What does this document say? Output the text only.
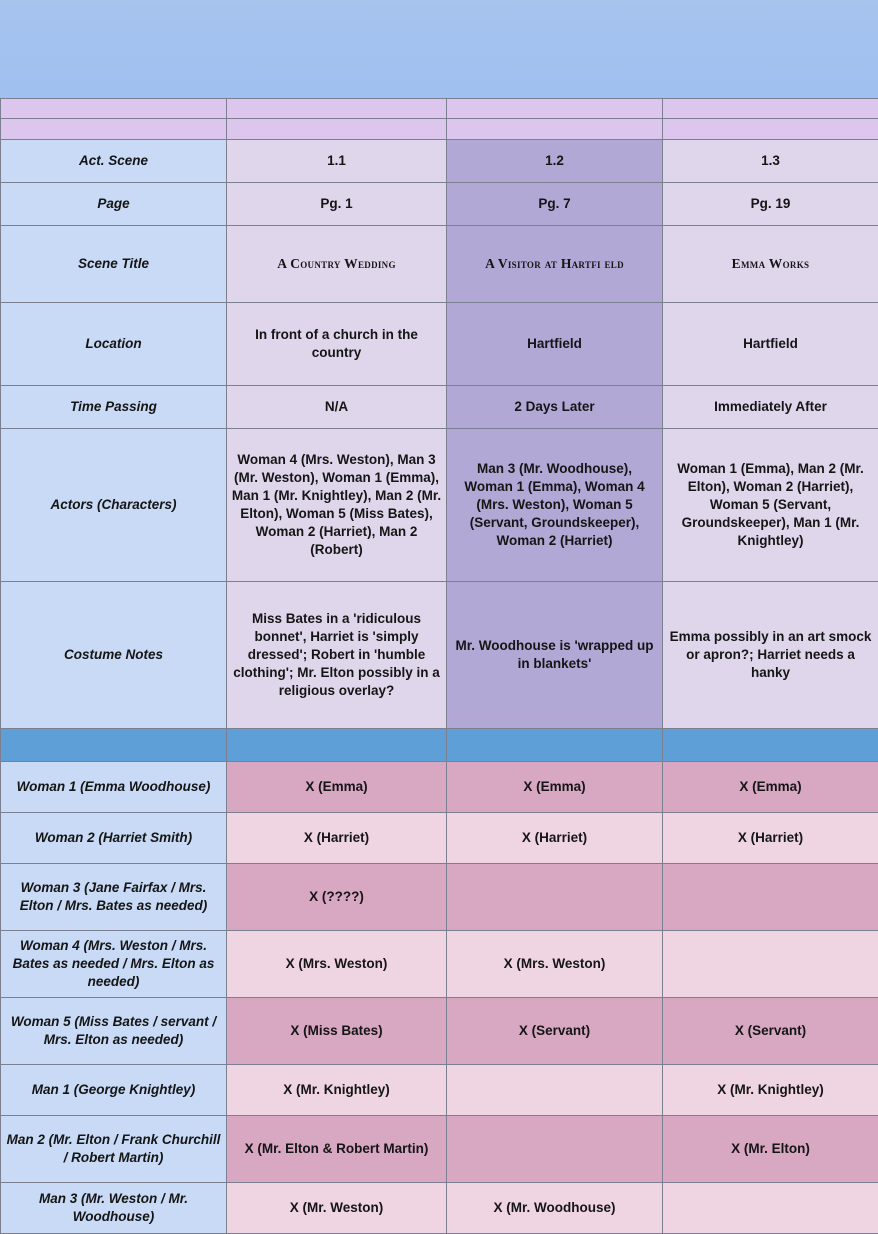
Act. Scene	1.1	1.2	1.3
Page	Pg. 1	Pg. 7	Pg. 19
Scene Title	A Country Wedding	A Visitor at Hartfi eld	Emma Works
Location	In front of a church in the country	Hartfield	Hartfield
Time Passing	N/A	2 Days Later	Immediately After
Actors (Characters)	Woman 4 (Mrs. Weston), Man 3 (Mr. Weston), Woman 1 (Emma), Man 1 (Mr. Knightley), Man 2 (Mr. Elton), Woman 5 (Miss Bates), Woman 2 (Harriet), Man 2 (Robert)	Man 3 (Mr. Woodhouse), Woman 1 (Emma), Woman 4 (Mrs. Weston), Woman 5 (Servant, Groundskeeper), Woman 2 (Harriet)	Woman 1 (Emma), Man 2 (Mr. Elton), Woman 2 (Harriet), Woman 5 (Servant, Groundskeeper), Man 1 (Mr. Knightley)
Costume Notes	Miss Bates in a 'ridiculous bonnet', Harriet is 'simply dressed'; Robert in 'humble clothing'; Mr. Elton possibly in a religious overlay?	Mr. Woodhouse is 'wrapped up in blankets'	Emma possibly in an art smock or apron?; Harriet needs a hanky

Woman 1 (Emma Woodhouse)	X (Emma)	X (Emma)	X (Emma)
Woman 2 (Harriet Smith)	X (Harriet)	X (Harriet)	X (Harriet)
Woman 3 (Jane Fairfax / Mrs. Elton / Mrs. Bates as needed)	X (????)		
Woman 4 (Mrs. Weston / Mrs. Bates as needed / Mrs. Elton as needed)	X (Mrs. Weston)	X (Mrs. Weston)	
Woman 5 (Miss Bates / servant / Mrs. Elton as needed)	X (Miss Bates)	X (Servant)	X (Servant)
Man 1 (George Knightley)	X (Mr. Knightley)		X (Mr. Knightley)
Man 2 (Mr. Elton / Frank Churchill / Robert Martin)	X (Mr. Elton & Robert Martin)		X (Mr. Elton)
Man 3 (Mr. Weston / Mr. Woodhouse)	X (Mr. Weston)	X (Mr. Woodhouse)	
